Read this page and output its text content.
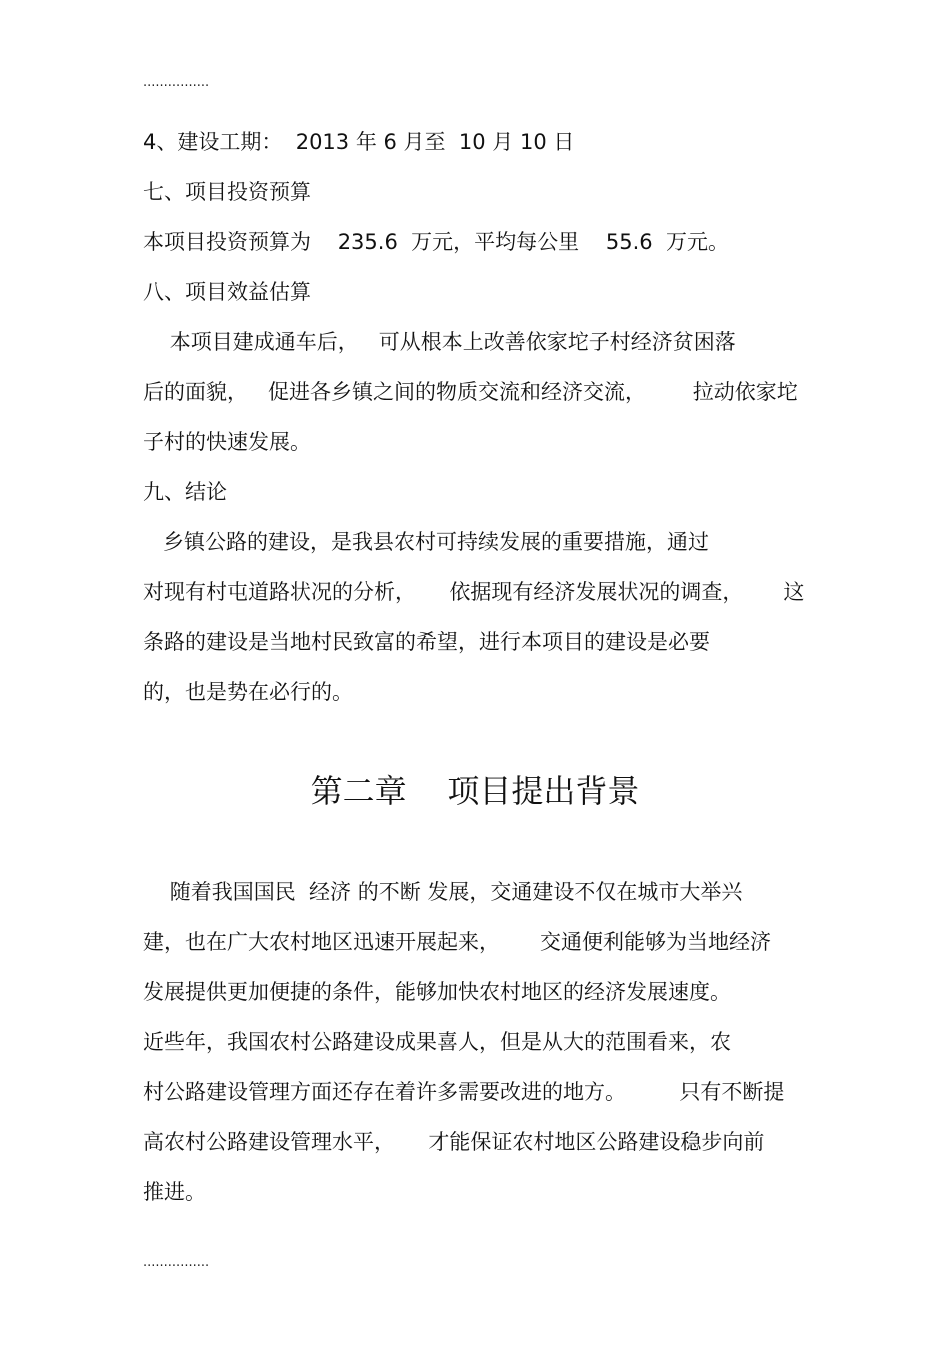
................

4、建设工期：  2013 年 6 月至  10 月 10 日

七、项目投资预算

本项目投资预算为    235.6  万元，平均每公里    55.6  万元。

八、项目效益估算

本项目建成通车后，   可从根本上改善依家坨子村经济贫困落

后的面貌，   促进各乡镇之间的物质交流和经济交流，       拉动依家坨

子村的快速发展。

九、结论

乡镇公路的建设，是我县农村可持续发展的重要措施，通过

对现有村屯道路状况的分析，     依据现有经济发展状况的调查，      这

条路的建设是当地村民致富的希望，进行本项目的建设是必要

的，也是势在必行的。

第二章    项目提出背景

随着我国国民  经济 的不断 发展，交通建设不仅在城市大举兴

建，也在广大农村地区迅速开展起来，      交通便利能够为当地经济

发展提供更加便捷的条件，能够加快农村地区的经济发展速度。

近些年，我国农村公路建设成果喜人，但是从大的范围看来，农

村公路建设管理方面还存在着许多需要改进的地方。        只有不断提

高农村公路建设管理水平，     才能保证农村地区公路建设稳步向前

推进。

................
